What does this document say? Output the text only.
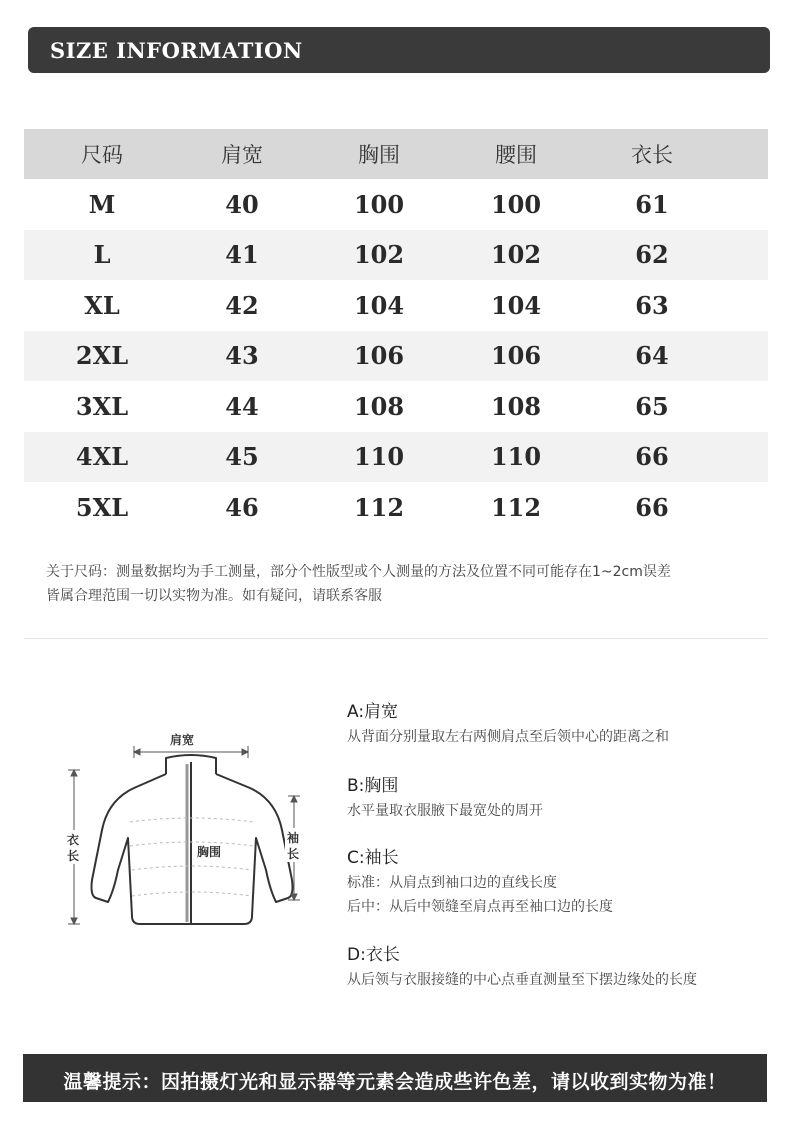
SIZE INFORMATION
尺码	肩宽	胸围	腰围	衣长
M	40	100	100	61
L	41	102	102	62
XL	42	104	104	63
2XL	43	106	106	64
3XL	44	108	108	65
4XL	45	110	110	66
5XL	46	112	112	66
关于尺码：测量数据均为手工测量，部分个性版型或个人测量的方法及位置不同可能存在1~2cm误差
皆属合理范围一切以实物为准。如有疑问，请联系客服
肩宽
胸围
衣
长
袖
长
A:肩宽
从背面分别量取左右两侧肩点至后领中心的距离之和
B:胸围
水平量取衣服腋下最宽处的周开
C:袖长
标准：从肩点到袖口边的直线长度
后中：从后中领缝至肩点再至袖口边的长度
D:衣长
从后领与衣服接缝的中心点垂直测量至下摆边缘处的长度
温馨提示：因拍摄灯光和显示器等元素会造成些许色差，请以收到实物为准！
